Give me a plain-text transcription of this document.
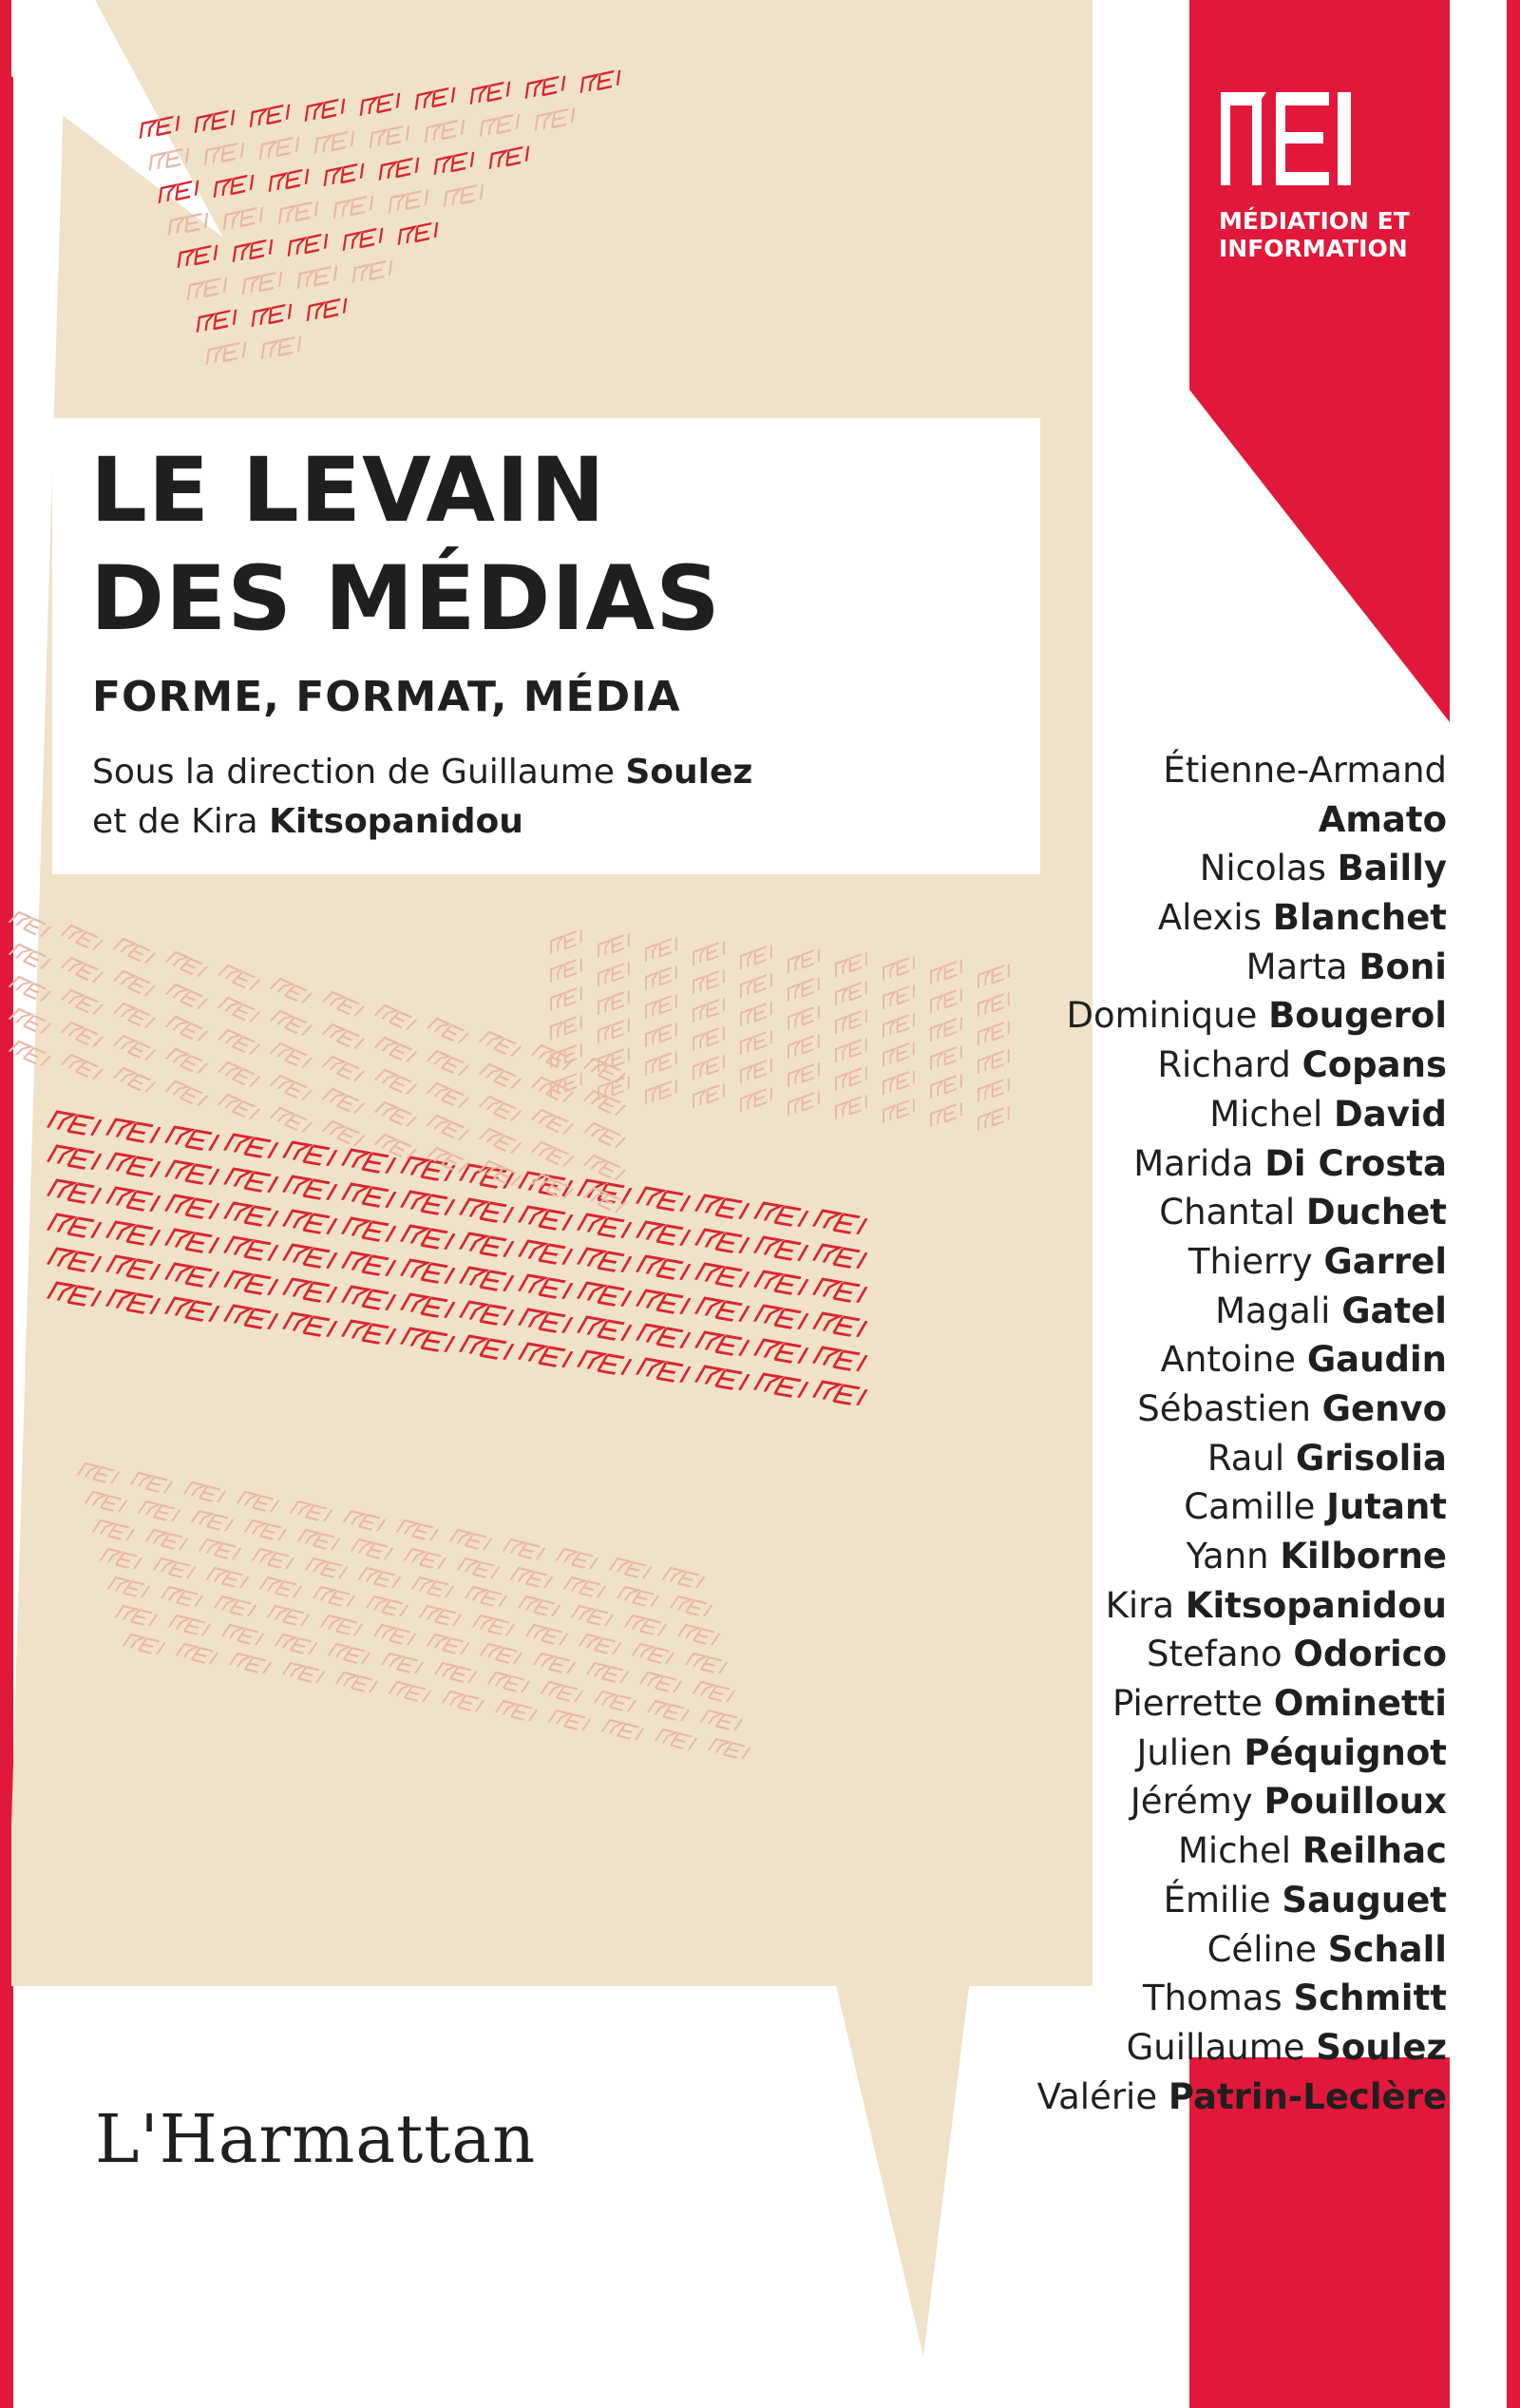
MÉDIATION ET
INFORMATION
LE LEVAIN
DES MÉDIAS
FORME, FORMAT, MÉDIA
Sous la direction de Guillaume Soulez
et de Kira Kitsopanidou
Étienne-Armand
Amato
Nicolas Bailly
Alexis Blanchet
Marta Boni
Dominique Bougerol
Richard Copans
Michel David
Marida Di Crosta
Chantal Duchet
Thierry Garrel
Magali Gatel
Antoine Gaudin
Sébastien Genvo
Raul Grisolia
Camille Jutant
Yann Kilborne
Kira Kitsopanidou
Stefano Odorico
Pierrette Ominetti
Julien Péquignot
Jérémy Pouilloux
Michel Reilhac
Émilie Sauguet
Céline Schall
Thomas Schmitt
Guillaume Soulez
Valérie Patrin-Leclère
L'Harmattan
